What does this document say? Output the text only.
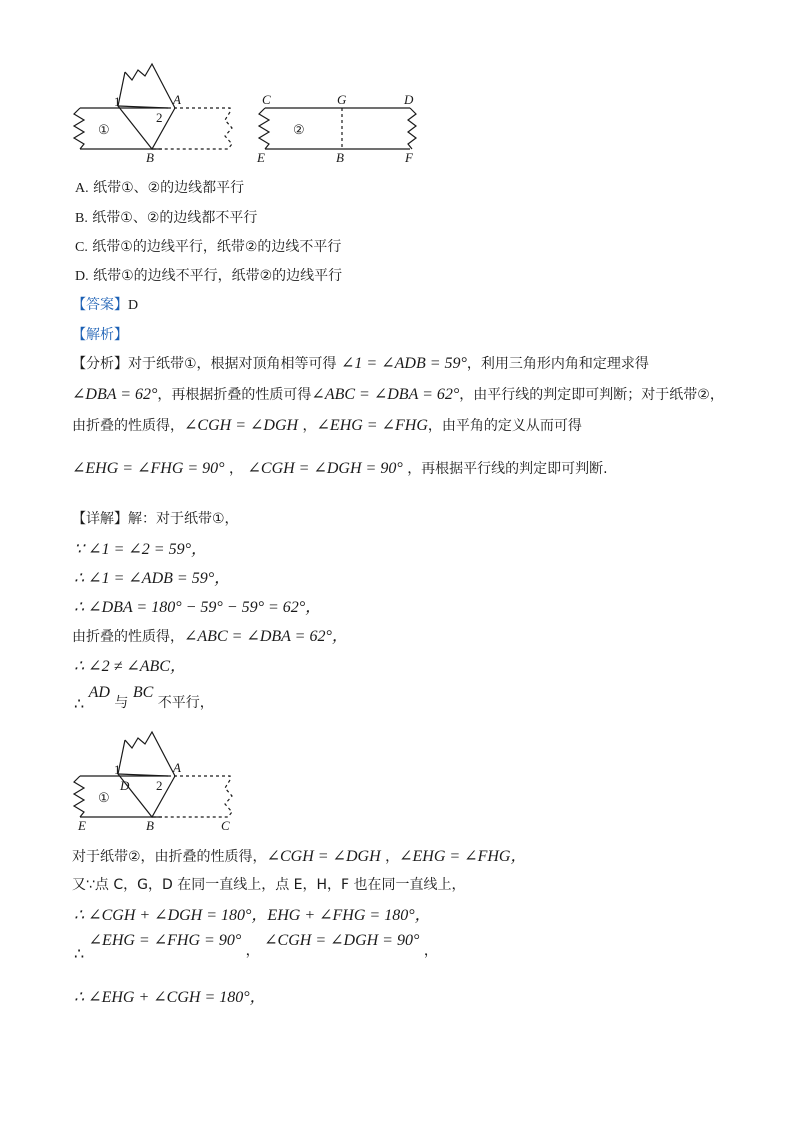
①
1
2
A
B
②
C	G	D
E	B	F
A. 纸带①、②的边线都平行
B. 纸带①、②的边线都不平行
C. 纸带①的边线平行，纸带②的边线不平行
D. 纸带①的边线不平行，纸带②的边线平行
【答案】D
【解析】
【分析】对于纸带①，根据对顶角相等可得 ∠1 = ∠ADB = 59°，利用三角形内角和定理求得
∠DBA = 62°，再根据折叠的性质可得∠ABC = ∠DBA = 62°，由平行线的判定即可判断；对于纸带②，
由折叠的性质得，∠CGH = ∠DGH ，∠EHG = ∠FHG，由平角的定义从而可得
∠EHG = ∠FHG = 90° ， ∠CGH = ∠DGH = 90° ，再根据平行线的判定即可判断.
【详解】解：对于纸带①，
∵ ∠1 = ∠2 = 59°，
∴ ∠1 = ∠ADB = 59°，
∴ ∠DBA = 180° − 59° − 59° = 62°，
由折叠的性质得，∠ABC = ∠DBA = 62°，
∴ ∠2 ≠ ∠ABC，
∴ AD 与 BC 不平行，
①
1
D 2
A
E	B	C
对于纸带②，由折叠的性质得，∠CGH = ∠DGH ，∠EHG = ∠FHG，
又∵点 C，G，D 在同一直线上，点 E，H，F 也在同一直线上，
∴ ∠CGH + ∠DGH = 180°，EHG + ∠FHG = 180°，
∴ ∠EHG = ∠FHG = 90° ， ∠CGH = ∠DGH = 90° ，
∴ ∠EHG + ∠CGH = 180°，
